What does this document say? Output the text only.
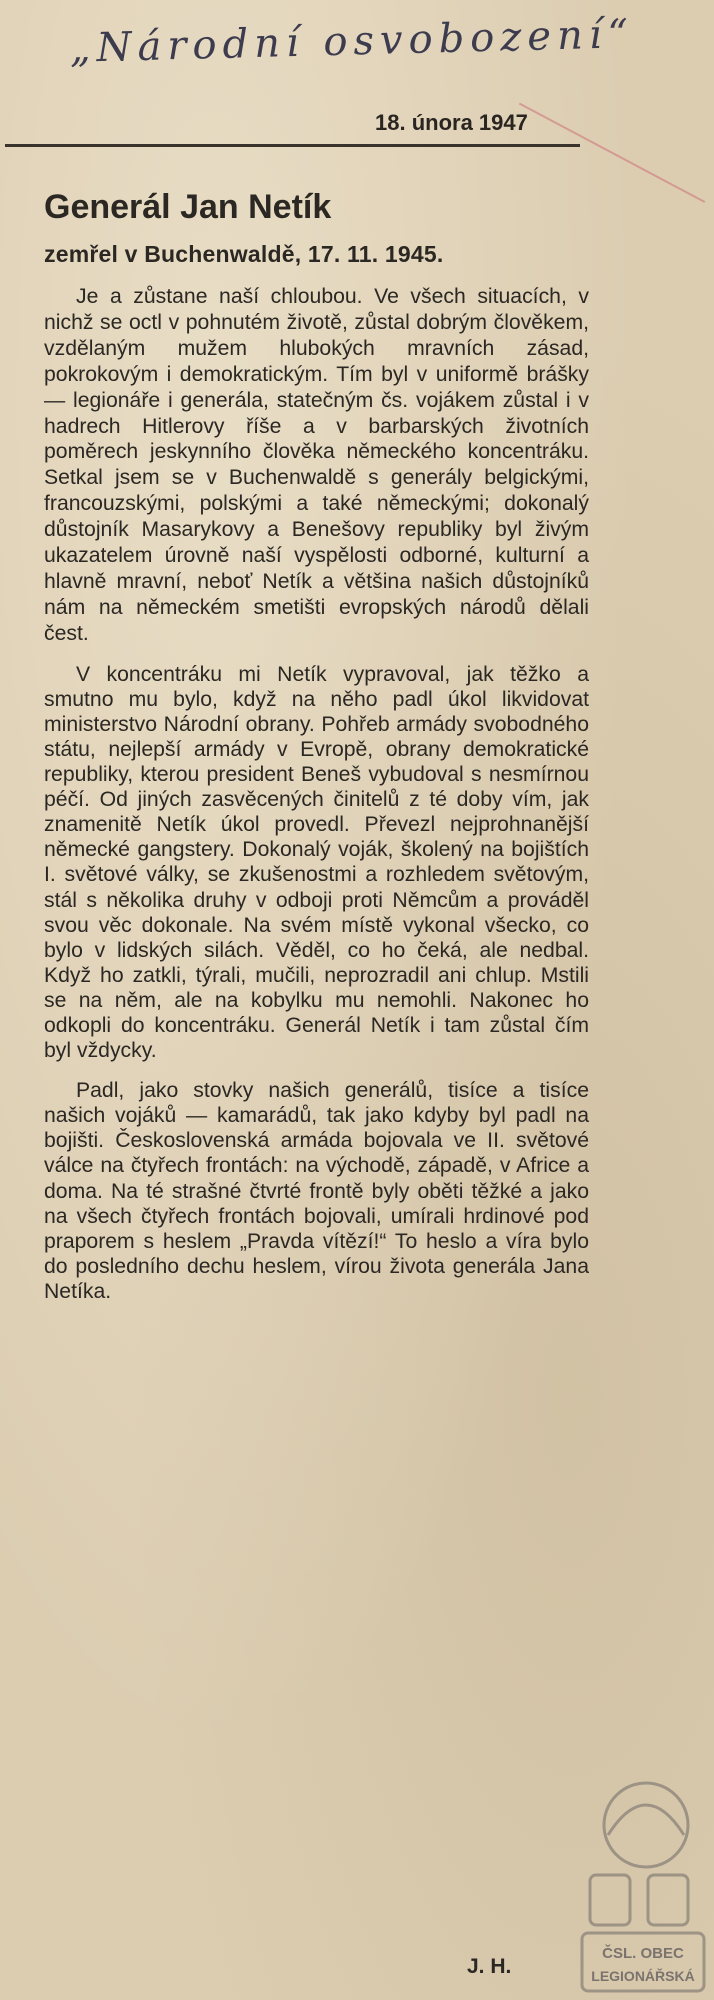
„Národní osvobození“
18. února 1947
Generál Jan Netík
zemřel v Buchenwaldě, 17. 11. 1945.

Je a zůstane naší chloubou. Ve všech situacích, v nichž se octl v pohnutém životě, zůstal dobrým člověkem, vzdělaným mužem hlubokých mravních zásad, pokrokovým i demokratickým. Tím byl v uniformě brášky — legionáře i generála, statečným čs. vojákem zůstal i v hadrech Hitlerovy říše a v barbarských životních poměrech jeskynního člověka německého koncentráku. Setkal jsem se v Buchenwaldě s generály belgickými, francouzskými, polskými a také německými; dokonalý důstojník Masarykovy a Benešovy republiky byl živým ukazatelem úrovně naší vyspělosti odborné, kulturní a hlavně mravní, neboť Netík a většina našich důstojníků nám na německém smetišti evropských národů dělali čest.

V koncentráku mi Netík vypravoval, jak těžko a smutno mu bylo, když na něho padl úkol likvidovat ministerstvo Národní obrany. Pohřeb armády svobodného státu, nejlepší armády v Evropě, obrany demokratické republiky, kterou president Beneš vybudoval s nesmírnou péčí. Od jiných zasvěcených činitelů z té doby vím, jak znamenitě Netík úkol provedl. Převezl nejprohnanější německé gangstery. Dokonalý voják, školený na bojištích I. světové války, se zkušenostmi a rozhledem světovým, stál s několika druhy v odboji proti Němcům a prováděl svou věc dokonale. Na svém místě vykonal všecko, co bylo v lidských silách. Věděl, co ho čeká, ale nedbal. Když ho zatkli, týrali, mučili, neprozradil ani chlup. Mstili se na něm, ale na kobylku mu nemohli. Nakonec ho odkopli do koncentráku. Generál Netík i tam zůstal čím byl vždycky.

Padl, jako stovky našich generálů, tisíce a tisíce našich vojáků — kamarádů, tak jako kdyby byl padl na bojišti. Československá armáda bojovala ve II. světové válce na čtyřech frontách: na východě, západě, v Africe a doma. Na té strašné čtvrté frontě byly oběti těžké a jako na všech čtyřech frontách bojovali, umírali hrdinové pod praporem s heslem „Pravda vítězí!“ To heslo a víra bylo do posledního dechu heslem, vírou života generála Jana Netíka.

J. H.
ČSL. OBEC
LEGIONÁŘSKÁ
